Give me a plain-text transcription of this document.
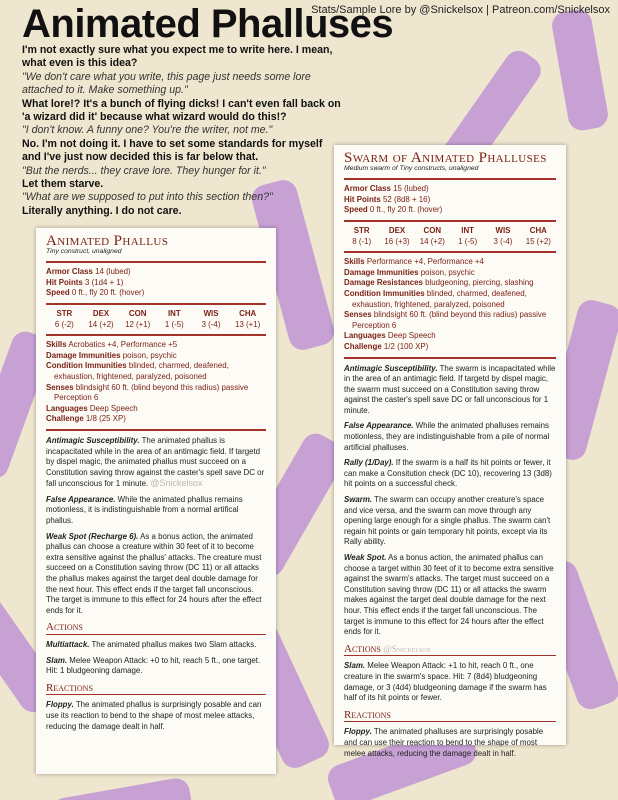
Animated Phalluses
Stats/Sample Lore by @Snickelsox | Patreon.com/Snickelsox

I'm not exactly sure what you expect me to write here. I mean, what even is this idea?

"We don't care what you write, this page just needs some lore attached to it. Make something up."

What lore!? It's a bunch of flying dicks! I can't even fall back on 'a wizard did it' because what wizard would do this!?

"I don't know. A funny one? You're the writer, not me."

No. I'm not doing it. I have to set some standards for myself and I've just now decided this is far below that.

"But the nerds... they crave lore. They hunger for it."

Let them starve.

"What are we supposed to put into this section then?"

Literally anything. I do not care.

Animated Phallus
Tiny construct, unaligned

Armor Class 14 (lubed)

Hit Points 3 (1d4 + 1)

Speed 0 ft., fly 20 ft. (hover)

STR
6 (-2)
DEX
14 (+2)
CON
12 (+1)
INT
1 (-5)
WIS
3 (-4)
CHA
13 (+1)

Skills Acrobatics +4, Performance +5

Damage Immunities poison, psychic

Condition Immunities blinded, charmed, deafened, exhaustion, frightened, paralyzed, poisoned

Senses blindsight 60 ft. (blind beyond this radius) passive Perception 6

Languages Deep Speech

Challenge 1/8 (25 XP)

Antimagic Susceptibility. The animated phallus is incapacitated while in the area of an antimagic field. If targetd by dispel magic, the animated phallus must succeed on a Constitution saving throw against the caster's spell save DC or fall unconscious for 1 minute. @Snickelsox

False Appearance. While the animated phallus remains motionless, it is indistinguishable from a normal artifical phallus.

Weak Spot (Recharge 6). As a bonus action, the animated phallus can choose a creature within 30 feet of it to become extra sensitive against the phallus' attacks. The creature must succeed on a Constitution saving throw (DC 11) or all attacks the phallus makes against the target deal double damage for the next hour. This effect ends if the target fall unconscious. The target is immune to this effect for 24 hours after the effect ends for it.

Actions

Multiattack. The animated phallus makes two Slam attacks.

Slam. Melee Weapon Attack: +0 to hit, reach 5 ft., one target. Hit: 1 bludgeoning damage.

Reactions

Floppy. The animated phallus is surprisingly posable and can use its reaction to bend to the shape of most melee attacks, reducing the damage dealt in half.

Swarm of Animated Phalluses
Medium swarm of Tiny constructs, unaligned

Armor Class 15 (lubed)

Hit Points 52 (8d8 + 16)

Speed 0 ft., fly 20 ft. (hover)

STR
8 (-1)
DEX
16 (+3)
CON
14 (+2)
INT
1 (-5)
WIS
3 (-4)
CHA
15 (+2)

Skills Performance +4, Performance +4

Damage Immunities poison, psychic

Damage Resistances bludgeoning, piercing, slashing

Condition Immunities blinded, charmed, deafened, exhaustion, frightened, paralyzed, poisoned

Senses blindsight 60 ft. (blind beyond this radius) passive Perception 6

Languages Deep Speech

Challenge 1/2 (100 XP)

Antimagic Susceptibility. The swarm is incapacitated while in the area of an antimagic field. If targetd by dispel magic, the swarm must succeed on a Constitution saving throw against the caster's spell save DC or fall unconscious for 1 minute.

False Appearance. While the animated phalluses remains motionless, they are indistinguishable from a pile of normal artificial phalluses.

Rally (1/Day). If the swarm is a half its hit points or fewer, it can make a Consitution check (DC 10), recovering 13 (3d8) hit points on a successful check.

Swarm. The swarm can occupy another creature's space and vice versa, and the swarm can move through any opening large enough for a single phallus. The swarm can't regain hit points or gain temporary hit points, except via its Rally ability.

Weak Spot. As a bonus action, the animated phallus can choose a target within 30 feet of it to become extra sensitive against the swarm's attacks. The target must succeed on a Constitution saving throw (DC 11) or all attacks the swarm makes against the target deal double damage for the next hour. This effect ends if the target fall unconscious. The target is immune to this effect for 24 hours after the effect ends for it.

Actions @Snickelsox

Slam. Melee Weapon Attack: +1 to hit, reach 0 ft., one creature in the swarm's space. Hit: 7 (8d4) bludgeoning damage, or 3 (4d4) bludgeoning damage if the swarm has half of its hit points or fewer.

Reactions

Floppy. The animated phalluses are surprisingly posable and can use their reaction to bend to the shape of most melee attacks, reducing the damage dealt in half.
